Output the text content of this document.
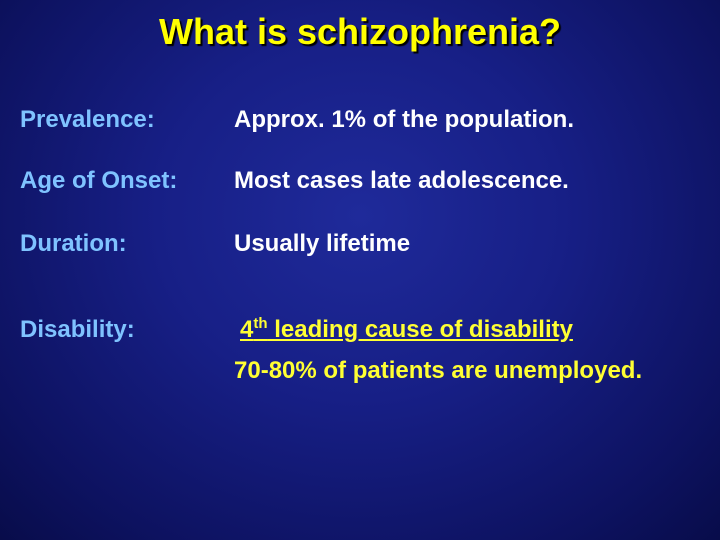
What is schizophrenia?
Prevalence:	Approx. 1% of the population.
Age of Onset: Most cases late adolescence.
Duration:	Usually lifetime
Disability:	4th leading cause of disability
70-80% of patients are unemployed.
